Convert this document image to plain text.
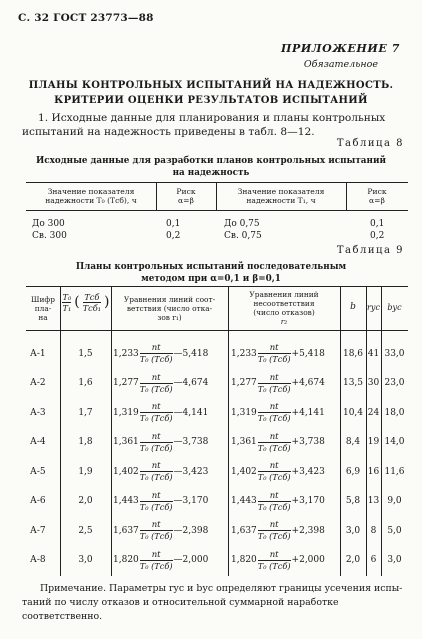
С. 32 ГОСТ 23773—88
ПРИЛОЖЕНИЕ 7
Обязательное
ПЛАНЫ КОНТРОЛЬНЫХ ИСПЫТАНИЙ НА НАДЕЖНОСТЬ.
КРИТЕРИИ ОЦЕНКИ РЕЗУЛЬТАТОВ ИСПЫТАНИЙ
1. Исходные данные для планирования и планы контрольных
испытаний на надежность приведены в табл. 8—12.
Таблица 8
Исходные данные для разработки планов контрольных испытаний
на надежность
Значение показателя
надежности T₀ (Tсб), ч
Риск
α=β
Значение показателя
надежности T₁, ч
Риск
α=β
До 300	0,1	До 0,75	0,1
Св. 300	0,2	Св. 0,75	0,2
Таблица 9
Планы контрольных испытаний последовательным
методом при α=0,1 и β=0,1
Шифр
пла-
на
$\frac{\text{T₀}}{\text{T₁}}$ ( $\frac{\text{Tсб}}{\text{Tсб₁}}$ )	Уравнения линий соот-
ветствия (число отка-
зов r₁)
Уравнения линий
несоответствия
(число отказов)
r₂
b	rус bус
А-1	1,5	$1,233 \frac{nt}{\text{T₀ (Tсб)}}$ —5,418	$1,233 \frac{nt}{\text{T₀ (Tсб)}} +5,418$	18,6 41 33,0
А-2	1,6	$1,277 \frac{nt}{\text{T₀ (Tсб)}}$ —4,674	$1,277 \frac{nt}{\text{T₀ (Tсб)}} +4,674$	13,5 30 23,0
А-3	1,7	$1,319 \frac{nt}{\text{T₀ (Tсб)}}$ —4,141	$1,319 \frac{nt}{\text{T₀ (Tсб)}} +4,141$	10,4 24 18,0
А-4	1,8	$1,361 \frac{nt}{\text{T₀ (Tсб)}}$ —3,738	$1,361 \frac{nt}{\text{T₀ (Tсб)}} +3,738$	8,4 19 14,0
А-5	1,9	$1,402 \frac{nt}{\text{T₀ (Tсб)}}$ —3,423	$1,402 \frac{nt}{\text{T₀ (Tсб)}} +3,423$	6,9 16 11,6
А-6	2,0	$1,443 \frac{nt}{\text{T₀ (Tсб)}}$ —3,170	$1,443 \frac{nt}{\text{T₀ (Tсб)}} +3,170$	5,8 13 9,0
А-7	2,5	$1,637 \frac{nt}{\text{T₀ (Tсб)}}$ —2,398	$1,637 \frac{nt}{\text{T₀ (Tсб)}} +2,398$	3,0	8	5,0
А-8	3,0	$1,820 \frac{nt}{\text{T₀ (Tсб)}}$ —2,000	$1,820 \frac{nt}{\text{T₀ (Tсб)}} +2,000$	2,0	6	3,0
Примечание. Параметры rус и bус определяют границы усечения испы-
таний по числу отказов и относительной суммарной наработке соответственно.
